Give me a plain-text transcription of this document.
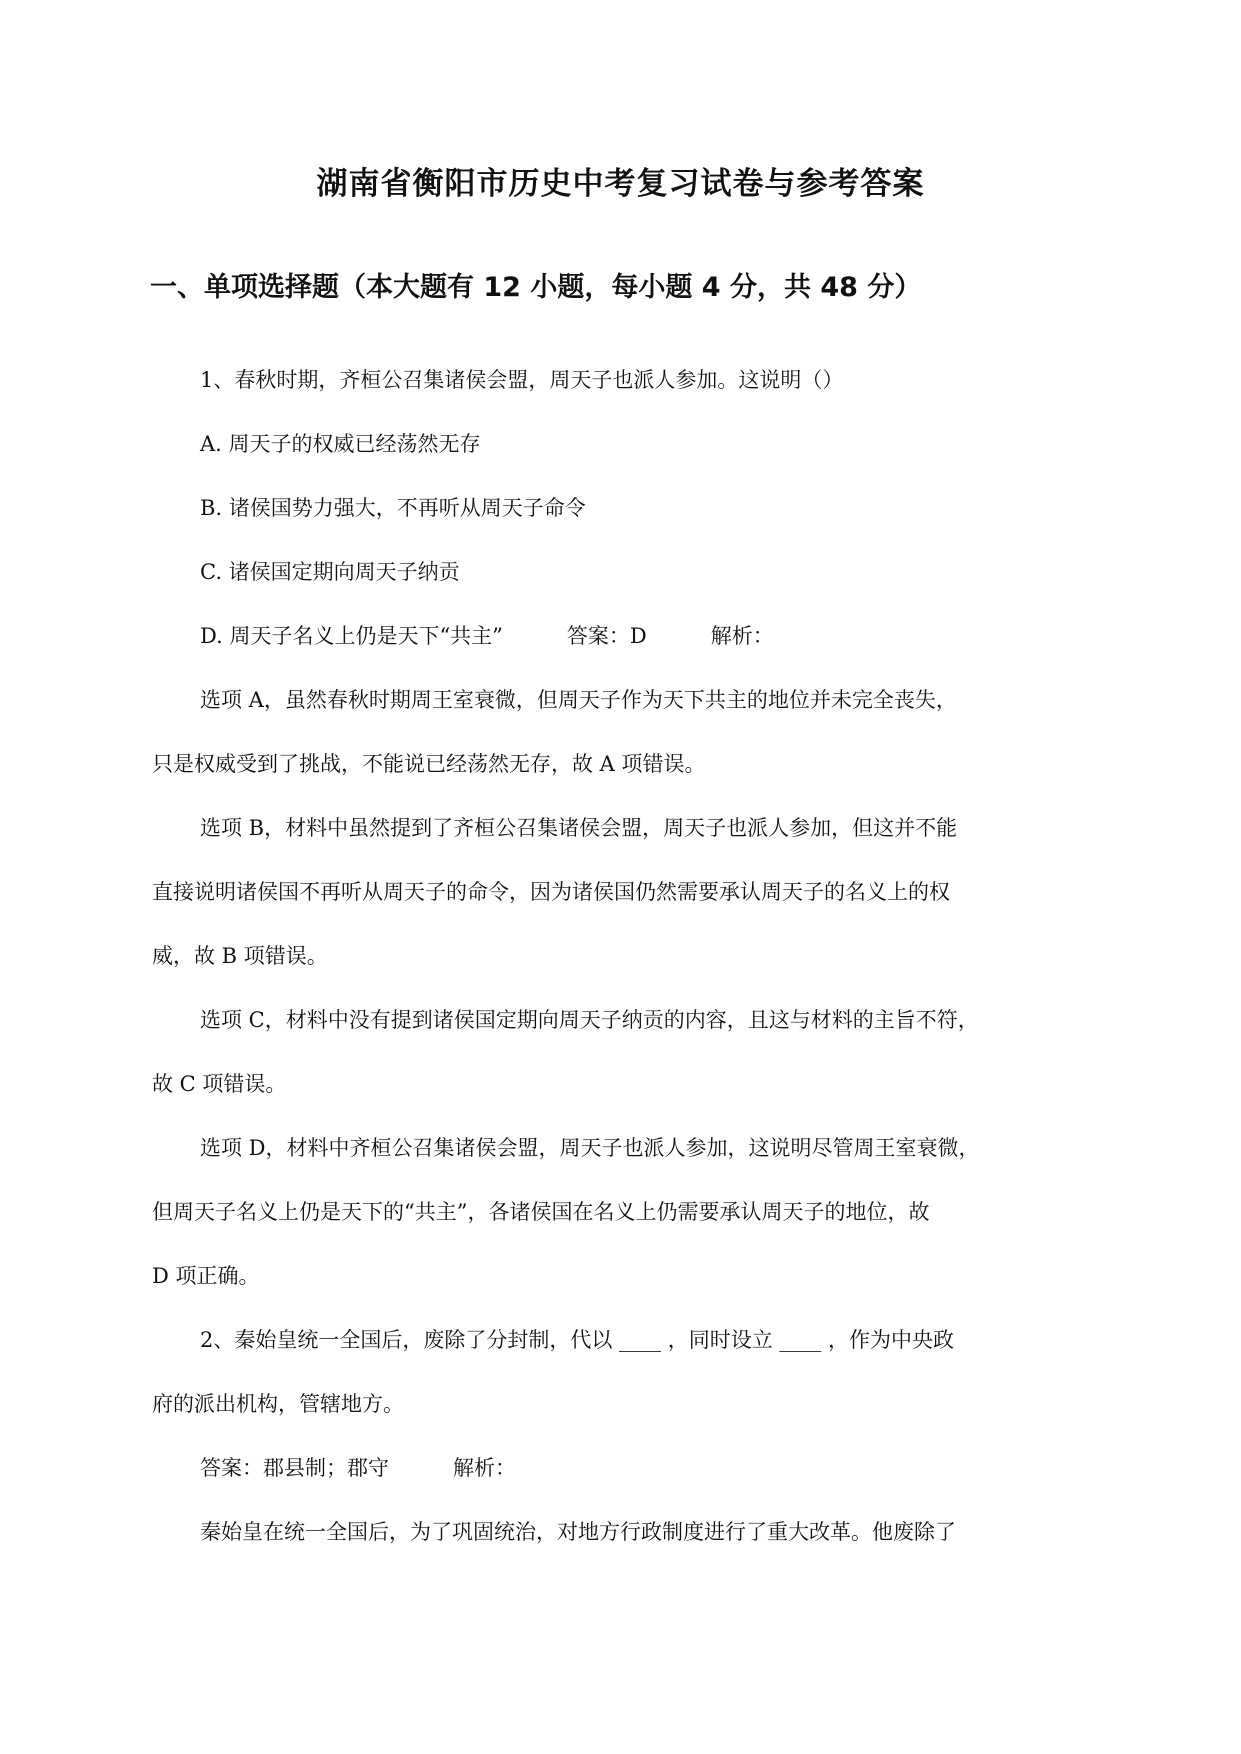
湖南省衡阳市历史中考复习试卷与参考答案
一、单项选择题（本大题有 12 小题，每小题 4 分，共 48 分）

1、春秋时期，齐桓公召集诸侯会盟，周天子也派人参加。这说明（）

A. 周天子的权威已经荡然无存

B. 诸侯国势力强大，不再听从周天子命令

C. 诸侯国定期向周天子纳贡

D. 周天子名义上仍是天下“共主”	答案：D	解析：

选项 A，虽然春秋时期周王室衰微，但周天子作为天下共主的地位并未完全丧失，

只是权威受到了挑战，不能说已经荡然无存，故 A 项错误。

选项 B，材料中虽然提到了齐桓公召集诸侯会盟，周天子也派人参加，但这并不能

直接说明诸侯国不再听从周天子的命令，因为诸侯国仍然需要承认周天子的名义上的权

威，故 B 项错误。

选项 C，材料中没有提到诸侯国定期向周天子纳贡的内容，且这与材料的主旨不符，

故 C 项错误。

选项 D，材料中齐桓公召集诸侯会盟，周天子也派人参加，这说明尽管周王室衰微，

但周天子名义上仍是天下的“共主”，各诸侯国在名义上仍需要承认周天子的地位，故

D 项正确。

2、秦始皇统一全国后，废除了分封制，代以 ____ ，同时设立 ____ ，作为中央政

府的派出机构，管辖地方。

答案：郡县制；郡守	解析：

秦始皇在统一全国后，为了巩固统治，对地方行政制度进行了重大改革。他废除了
